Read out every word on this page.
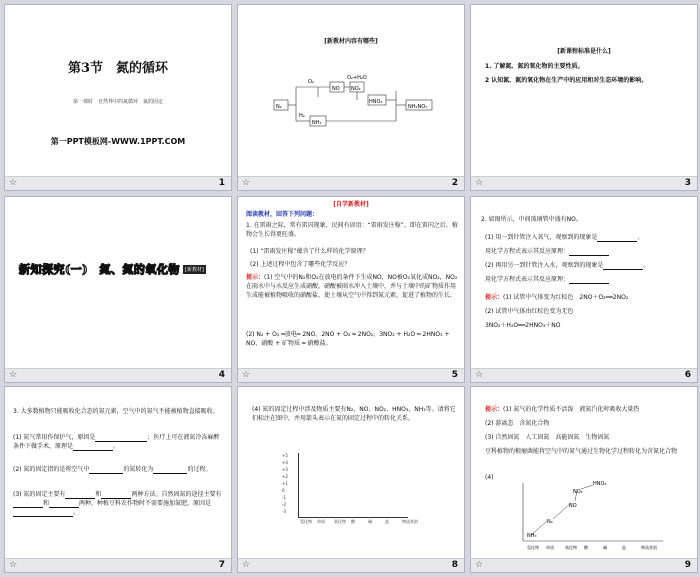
第3节　氮的循环
第一课时　自然界中的氮循环　氮的固定
第一PPT模板网-WWW.1PPT.COM
☆	1
[新教材内容有哪些]
N₂
O₂
H₂
NO
O₂+H₂O
NO₂
HNO₃
NH₃
NH₄NO₃
☆	2
[新课程标准是什么]
1. 了解氮、氮的氧化物的主要性质。
2 认知氮、氮的氧化物在生产中的应用和对生态环境的影响。
☆	3
新知探究(一)　氮、氮的氧化物	[新教材]
☆	4
[自学新教材]
阅读教材，回答下列问题：
1. 在雷雨之际，常有雷闪现象，民间有谚语：“雷雨发庄稼”。即在雷闪之后，植物会生长得更旺盛。
(1) “雷雨发庄稼”蕴含了什么样的化学原理？
(2) 上述过程中包含了哪些化学反应？
提示：(1) 空气中的N₂和O₂在放电的条件下生成NO，NO被O₂氧化成NO₂，NO₂在雨水中与水反应生成硝酸，硝酸被雨水冲入土壤中，并与土壤中的矿物质作用生成能被植物吸收的硝酸盐，使土壤从空气中得到氮元素，促进了植物的生长。
(2) N₂ + O₂ ═放电═ 2NO、2NO + O₂ ═ 2NO₂、3NO₂ + H₂O ═ 2HNO₃ + NO、硝酸 + 矿物质 ═ 硝酸盐。
☆	5
2. 如图所示，中间玻璃管中盛有NO。
(1) 用一到针管注入氧气，观察到的现象是	。
用化学方程式表示其反应原理：
(2) 再用另一到针管注入水，观察到的现象是	。
用化学方程式表示其反应原理：
提示：(1) 试管中气体变为红棕色　2NO＋O₂══2NO₂
(2) 试管中气体由红棕色变为无色
3NO₂＋H₂O══2HNO₃＋NO
☆	6
3. 大多数植物只能吸收化合态的氮元素，空气中的氮气不能被植物直接吸收。
(1) 氮气常用作保护气，原因是	；医疗上可在液氮冷冻麻醉条件下做手术，原理是	。
(2) 氮的固定指的是将空气中	的氮转化为	的过程。
(3) 氮的固定主要有	和	两种方法。自然固氮的途径主要有和	两种。种植豆科农作物时不需要施加氮肥，原因是。
☆	7
(4) 氮的固定过程中涉及物质主要有N₂、NO、NO₂、HNO₃、NH₃等。请将它们标注在图中，并用箭头表示在氮的固定过程中的转化关系。
+5
+4
+3
+2
+1
0
-1
-2
-3
氢化物 单质 氧化物 酸	碱	盐	物质类别
☆	8
提示：(1) 氮气的化学性质不活泼　液氮汽化时吸收大量热
(2) 游离态　含氮化合物
(3) 自然固氮　人工固氮　高能固氮　生物固氮
豆科植物的根瘤菌能将空气中的氮气通过生物化学过程转化为含氮化合物
(4)
HNO₃
NO₂
NO
N₂
NH₃
氢化物 单质	氧化物 酸	碱	盐	物质类别
☆	9
